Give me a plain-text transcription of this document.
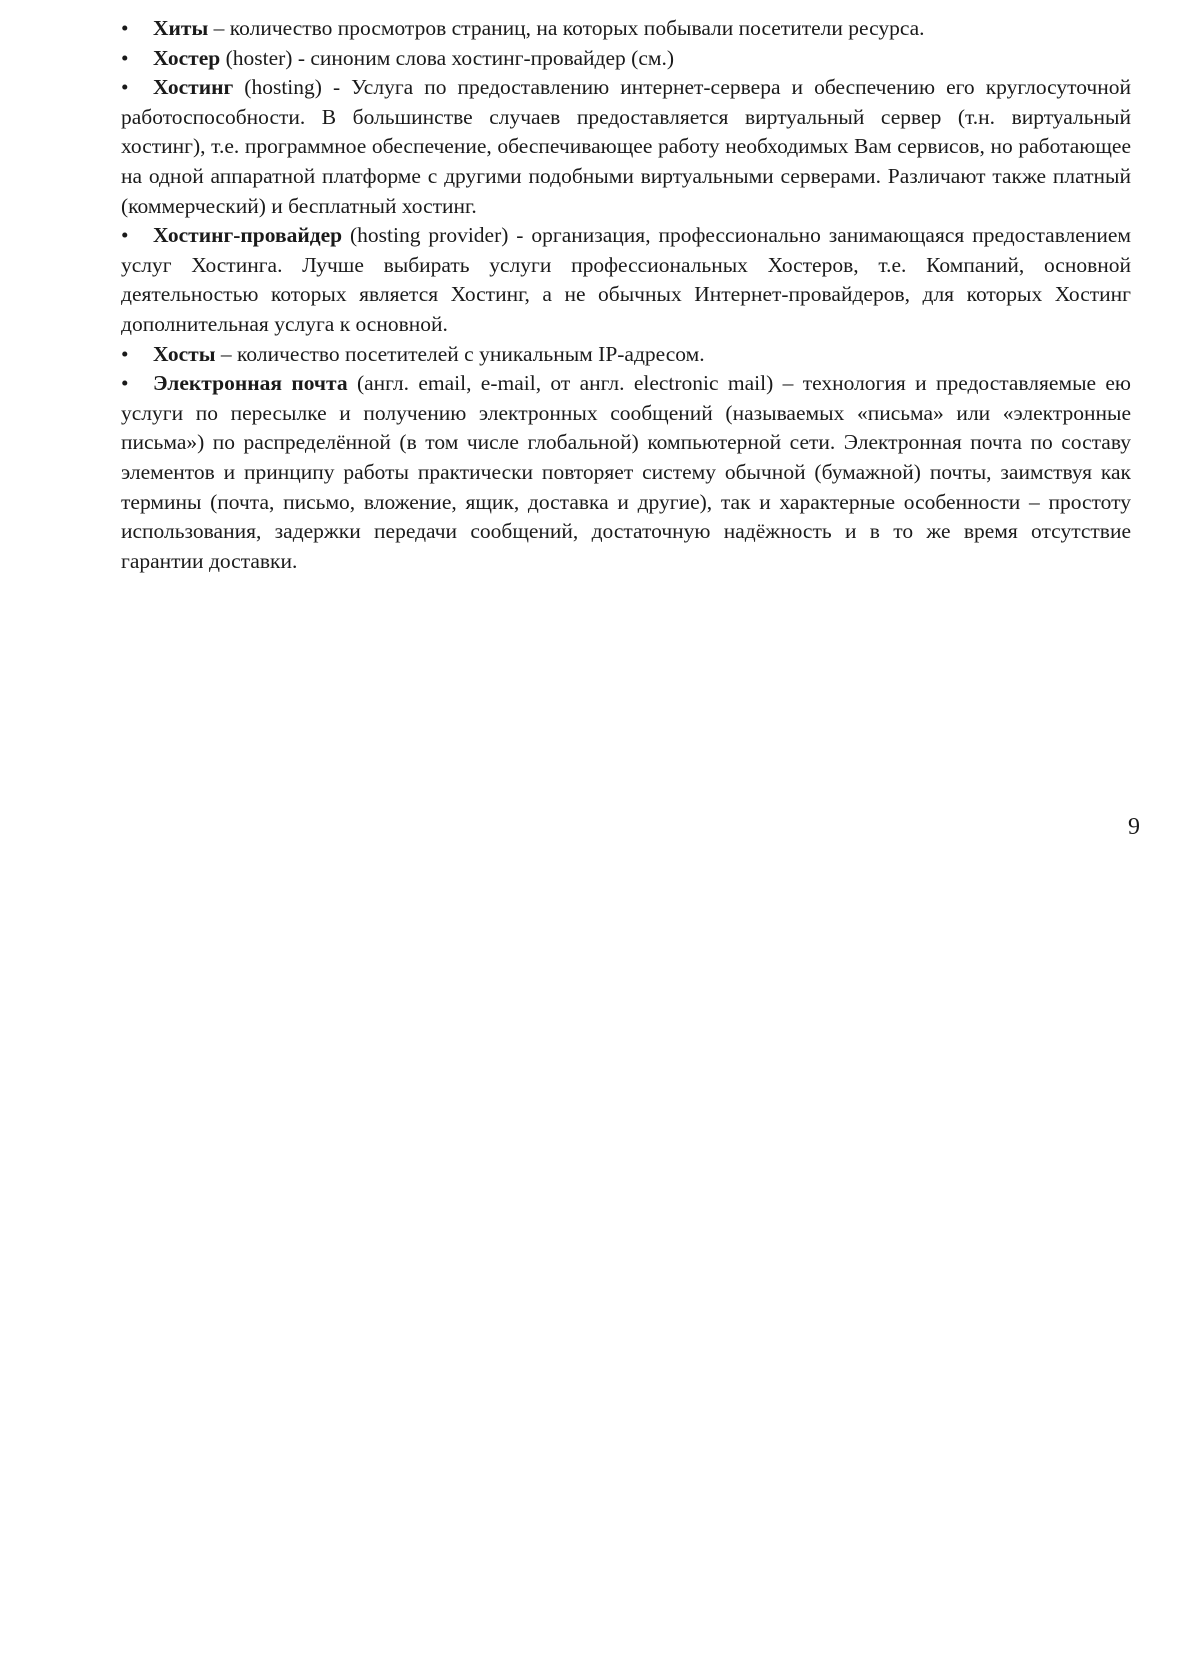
• Хиты – количество просмотров страниц, на которых побывали посетители ресурса.

• Хостер (hoster) - синоним слова хостинг-провайдер (см.)

• Хостинг (hosting) - Услуга по предоставлению интернет-сервера и обеспечению его круглосуточной работоспособности. В большинстве случаев предоставляется виртуальный сервер (т.н. виртуальный хостинг), т.е. программное обеспечение, обеспечивающее работу необходимых Вам сервисов, но работающее на одной аппаратной платформе с другими подобными виртуальными серверами. Различают также платный (коммерческий) и бесплатный хостинг.

• Хостинг-провайдер (hosting provider) - организация, профессионально занимающаяся предоставлением услуг Хостинга. Лучше выбирать услуги профессиональных Хостеров, т.е. Компаний, основной деятельностью которых является Хостинг, а не обычных Интернет-провайдеров, для которых Хостинг дополнительная услуга к основной.

• Хосты – количество посетителей с уникальным IP-адресом.

• Электронная почта (англ. email, e-mail, от англ. electronic mail) – технология и предоставляемые ею услуги по пересылке и получению электронных сообщений (называемых «письма» или «электронные письма») по распределённой (в том числе глобальной) компьютерной сети. Электронная почта по составу элементов и принципу работы практически повторяет систему обычной (бумажной) почты, заимствуя как термины (почта, письмо, вложение, ящик, доставка и другие), так и характерные особенности – простоту использования, задержки передачи сообщений, достаточную надёжность и в то же время отсутствие гарантии доставки.

9
